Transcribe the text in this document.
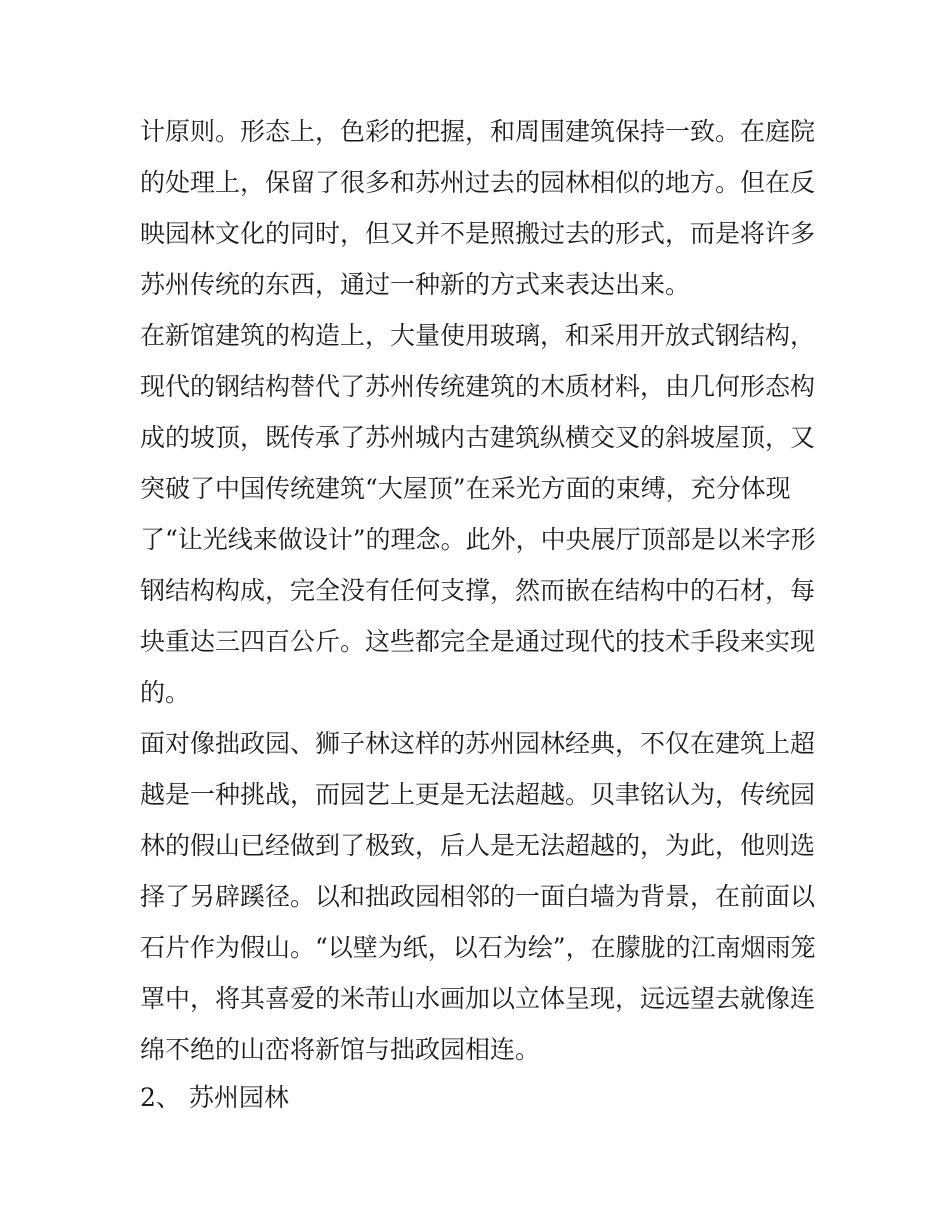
计原则。形态上，色彩的把握，和周围建筑保持一致。在庭院
的处理上，保留了很多和苏州过去的园林相似的地方。但在反
映园林文化的同时，但又并不是照搬过去的形式，而是将许多
苏州传统的东西，通过一种新的方式来表达出来。
在新馆建筑的构造上，大量使用玻璃，和采用开放式钢结构，
现代的钢结构替代了苏州传统建筑的木质材料，由几何形态构
成的坡顶，既传承了苏州城内古建筑纵横交叉的斜坡屋顶，又
突破了中国传统建筑“大屋顶”在采光方面的束缚，充分体现
了“让光线来做设计”的理念。此外，中央展厅顶部是以米字形
钢结构构成，完全没有任何支撑，然而嵌在结构中的石材，每
块重达三四百公斤。这些都完全是通过现代的技术手段来实现
的。
面对像拙政园、狮子林这样的苏州园林经典，不仅在建筑上超
越是一种挑战，而园艺上更是无法超越。贝聿铭认为，传统园
林的假山已经做到了极致，后人是无法超越的，为此，他则选
择了另辟蹊径。以和拙政园相邻的一面白墙为背景，在前面以
石片作为假山。“以壁为纸，以石为绘”，在朦胧的江南烟雨笼
罩中，将其喜爱的米芾山水画加以立体呈现，远远望去就像连
绵不绝的山峦将新馆与拙政园相连。
2、 苏州园林
